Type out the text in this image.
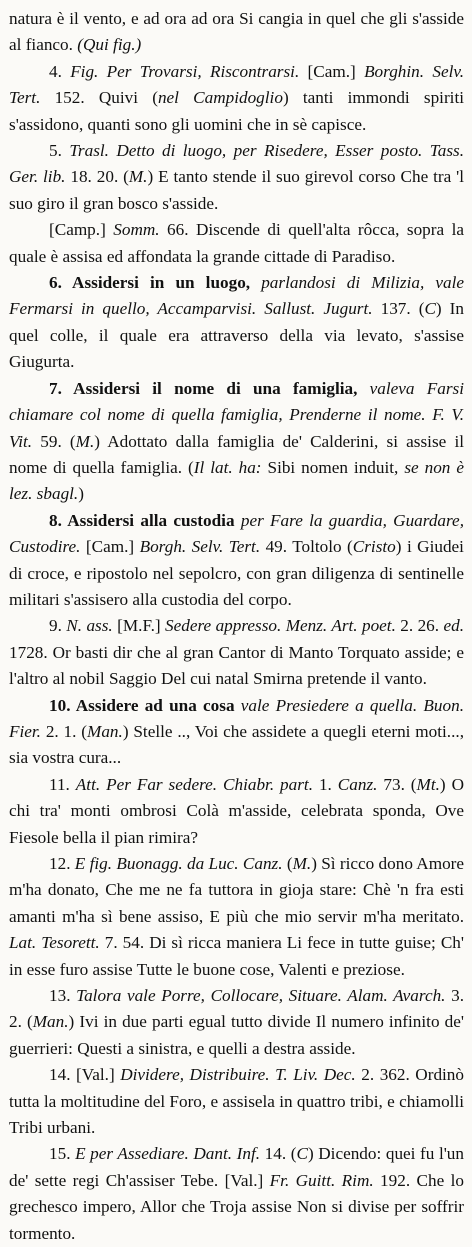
natura è il vento, e ad ora ad ora Si cangia in quel che gli s'asside al fianco. (Qui fig.)

4. Fig. Per Trovarsi, Riscontrarsi. [Cam.] Borghin. Selv. Tert. 152. Quivi (nel Campidoglio) tanti immondi spiriti s'assidono, quanti sono gli uomini che in sè capisce.

5. Trasl. Detto di luogo, per Risedere, Esser posto. Tass. Ger. lib. 18. 20. (M.) E tanto stende il suo girevol corso Che tra 'l suo giro il gran bosco s'asside.

[Camp.] Somm. 66. Discende di quell'alta rôcca, sopra la quale è assisa ed affondata la grande cittade di Paradiso.

6. Assidersi in un luogo, parlandosi di Milizia, vale Fermarsi in quello, Accamparvisi. Sallust. Jugurt. 137. (C) In quel colle, il quale era attraverso della via levato, s'assise Giugurta.

7. Assidersi il nome di una famiglia, valeva Farsi chiamare col nome di quella famiglia, Prenderne il nome. F. V. Vit. 59. (M.) Adottato dalla famiglia de' Calderini, si assise il nome di quella famiglia. (Il lat. ha: Sibi nomen induit, se non è lez. sbagl.)

8. Assidersi alla custodia per Fare la guardia, Guardare, Custodire. [Cam.] Borgh. Selv. Tert. 49. Toltolo (Cristo) i Giudei di croce, e ripostolo nel sepolcro, con gran diligenza di sentinelle militari s'assisero alla custodia del corpo.

9. N. ass. [M.F.] Sedere appresso. Menz. Art. poet. 2. 26. ed. 1728. Or basti dir che al gran Cantor di Manto Torquato asside; e l'altro al nobil Saggio Del cui natal Smirna pretende il vanto.

10. Assidere ad una cosa vale Presiedere a quella. Buon. Fier. 2. 1. (Man.) Stelle .., Voi che assidete a quegli eterni moti..., sia vostra cura...

11. Att. Per Far sedere. Chiabr. part. 1. Canz. 73. (Mt.) O chi tra' monti ombrosi Colà m'asside, celebrata sponda, Ove Fiesole bella il pian rimira?

12. E fig. Buonagg. da Luc. Canz. (M.) Sì ricco dono Amore m'ha donato, Che me ne fa tuttora in gioja stare: Chè 'n fra esti amanti m'ha sì bene assiso, E più che mio servir m'ha meritato. Lat. Tesorett. 7. 54. Di sì ricca maniera Li fece in tutte guise; Ch' in esse furo assise Tutte le buone cose, Valenti e preziose.

13. Talora vale Porre, Collocare, Situare. Alam. Avarch. 3. 2. (Man.) Ivi in due parti egual tutto divide Il numero infinito de' guerrieri: Questi a sinistra, e quelli a destra asside.

14. [Val.] Dividere, Distribuire. T. Liv. Dec. 2. 362. Ordinò tutta la moltitudine del Foro, e assisela in quattro tribi, e chiamolli Tribi urbani.

15. E per Assediare. Dant. Inf. 14. (C) Dicendo: quei fu l'un de' sette regi Ch'assiser Tebe. [Val.] Fr. Guitt. Rim. 192. Che lo grechesco impero, Allor che Troja assise Non si divise per soffrir tormento.
